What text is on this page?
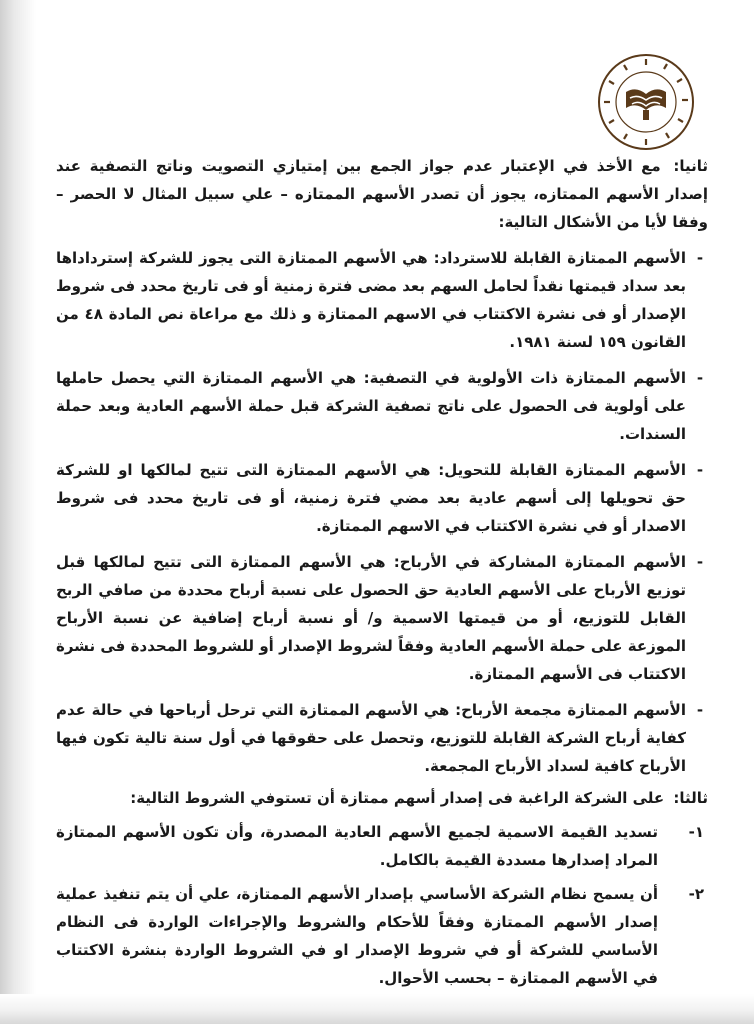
ثانيا: مع الأخذ في الإعتبار عدم جواز الجمع بين إمتيازي التصويت وناتج التصفية عند إصدار الأسهم الممتازه، يجوز أن تصدر الأسهم الممتازه – علي سبيل المثال لا الحصر – وفقا لأيا من الأشكال التالية:

-
الأسهم الممتازة القابلة للاسترداد: هي الأسهم الممتازة التى يجوز للشركة إسترداداها بعد سداد قيمتها نقداً لحامل السهم بعد مضى فترة زمنية أو فى تاريخ محدد فى شروط الإصدار أو فى نشرة الاكتتاب في الاسهم الممتازة و ذلك مع مراعاة نص المادة ٤٨ من القانون ١٥٩ لسنة ١٩٨١.
-
الأسهم الممتازة ذات الأولوية في التصفية: هي الأسهم الممتازة التي يحصل حاملها على أولوية فى الحصول على ناتج تصفية الشركة قبل حملة الأسهم العادية وبعد حملة السندات.
-
الأسهم الممتازة القابلة للتحويل: هي الأسهم الممتازة التى تتيح لمالكها او للشركة حق تحويلها إلى أسهم عادية بعد مضي فترة زمنية، أو فى تاريخ محدد فى شروط الاصدار أو في نشرة الاكتتاب في الاسهم الممتازة.
-
الأسهم الممتازة المشاركة في الأرباح: هي الأسهم الممتازة التى تتيح لمالكها قبل توزيع الأرباح على الأسهم العادية حق الحصول على نسبة أرباح محددة من صافي الربح القابل للتوزيع، أو من قيمتها الاسمية و/ أو نسبة أرباح إضافية عن نسبة الأرباح الموزعة على حملة الأسهم العادية وفقاً لشروط الإصدار أو للشروط المحددة فى نشرة الاكتتاب فى الأسهم الممتازة.
-
الأسهم الممتازة مجمعة الأرباح: هي الأسهم الممتازة التي ترحل أرباحها في حالة عدم كفاية أرباح الشركة القابلة للتوزيع، وتحصل على حقوقها في أول سنة تالية تكون فيها الأرباح كافية لسداد الأرباح المجمعة.

ثالثا: على الشركة الراغبة فى إصدار أسهم ممتازة أن تستوفي الشروط التالية:

١-
تسديد القيمة الاسمية لجميع الأسهم العادية المصدرة، وأن تكون الأسهم الممتازة المراد إصدارها مسددة القيمة بالكامل.
٢-
أن يسمح نظام الشركة الأساسي بإصدار الأسهم الممتازة، علي أن يتم تنفيذ عملية إصدار الأسهم الممتازة وفقاً للأحكام والشروط والإجراءات الواردة فى النظام الأساسي للشركة أو في شروط الإصدار او في الشروط الواردة بنشرة الاكتتاب في الأسهم الممتازة – بحسب الأحوال.
